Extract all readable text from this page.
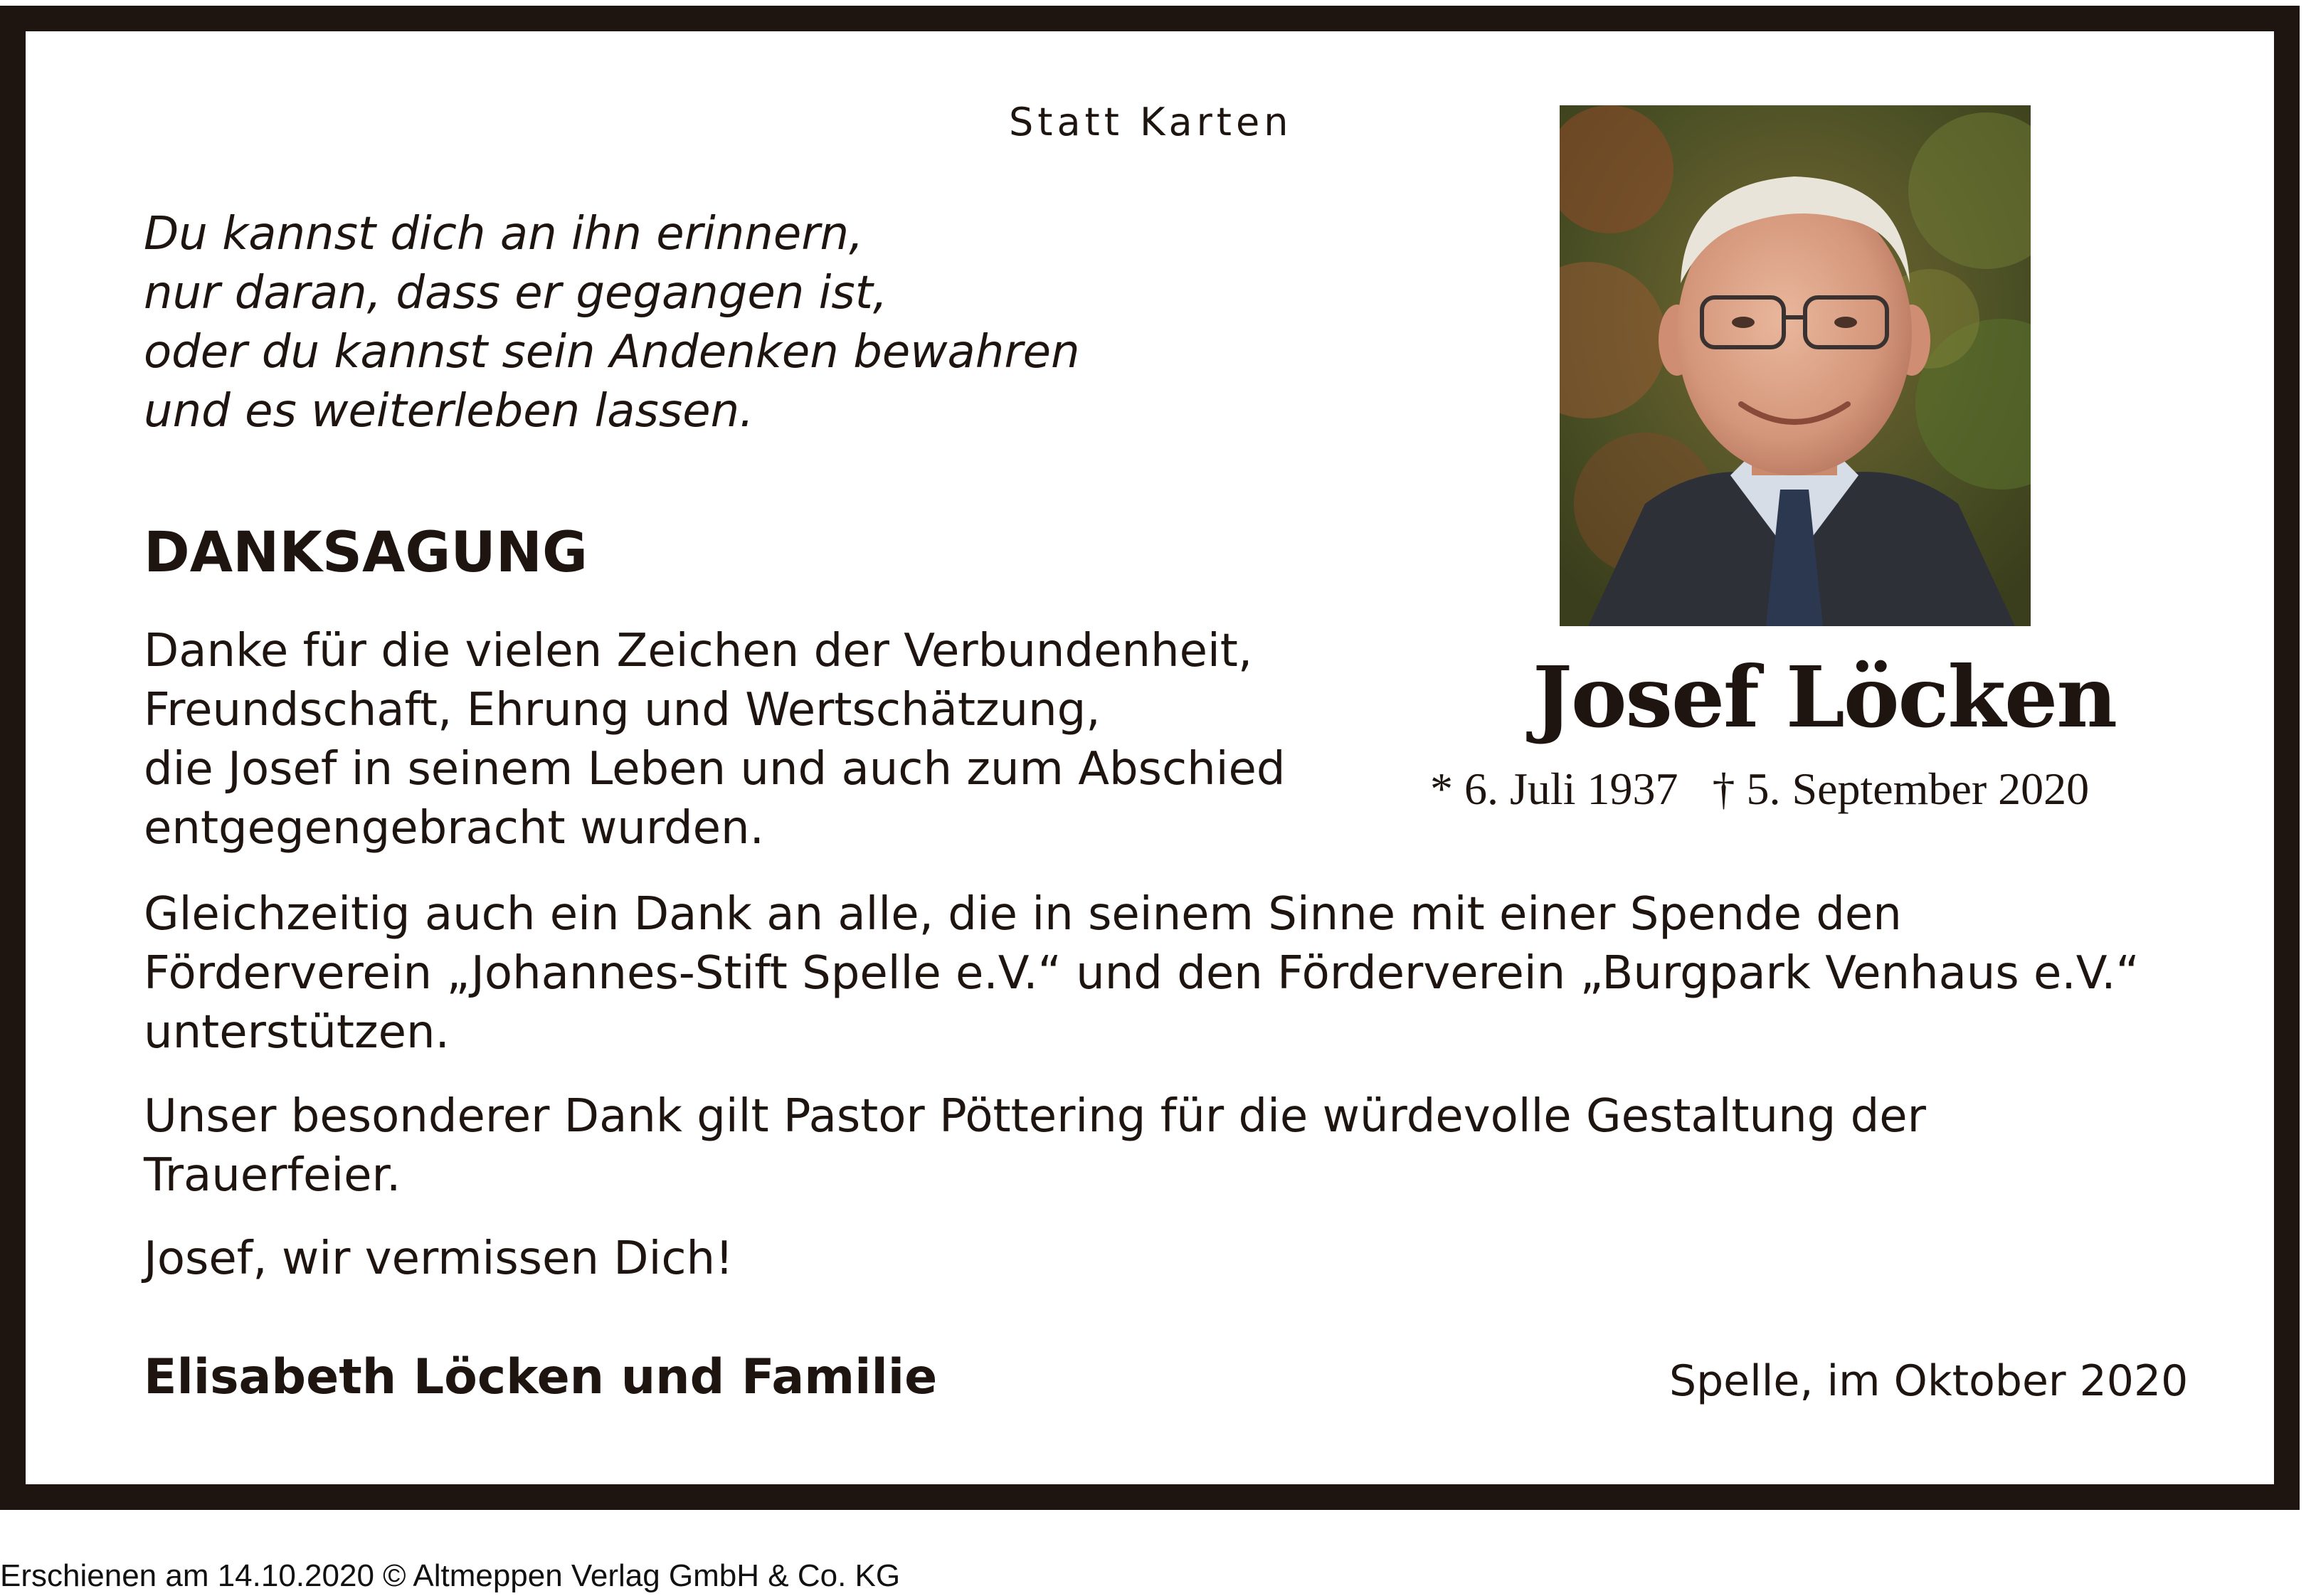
Statt Karten
Du kannst dich an ihn erinnern,
nur daran, dass er gegangen ist,
oder du kannst sein Andenken bewahren
und es weiterleben lassen.
DANKSAGUNG
Danke für die vielen Zeichen der Verbundenheit,
Freundschaft, Ehrung und Wertschätzung,
die Josef in seinem Leben und auch zum Abschied
entgegengebracht wurden.
Gleichzeitig auch ein Dank an alle, die in seinem Sinne mit einer Spende den
Förderverein „Johannes-Stift Spelle e.V.“ und den Förderverein „Burgpark Venhaus e.V.“
unterstützen.
Unser besonderer Dank gilt Pastor Pöttering für die würdevolle Gestaltung der
Trauerfeier.
Josef, wir vermissen Dich!
Elisabeth Löcken und Familie	Spelle, im Oktober 2020
Josef Löcken
* 6. Juli 1937 † 5. September 2020
Erschienen am 14.10.2020 © Altmeppen Verlag GmbH & Co. KG
